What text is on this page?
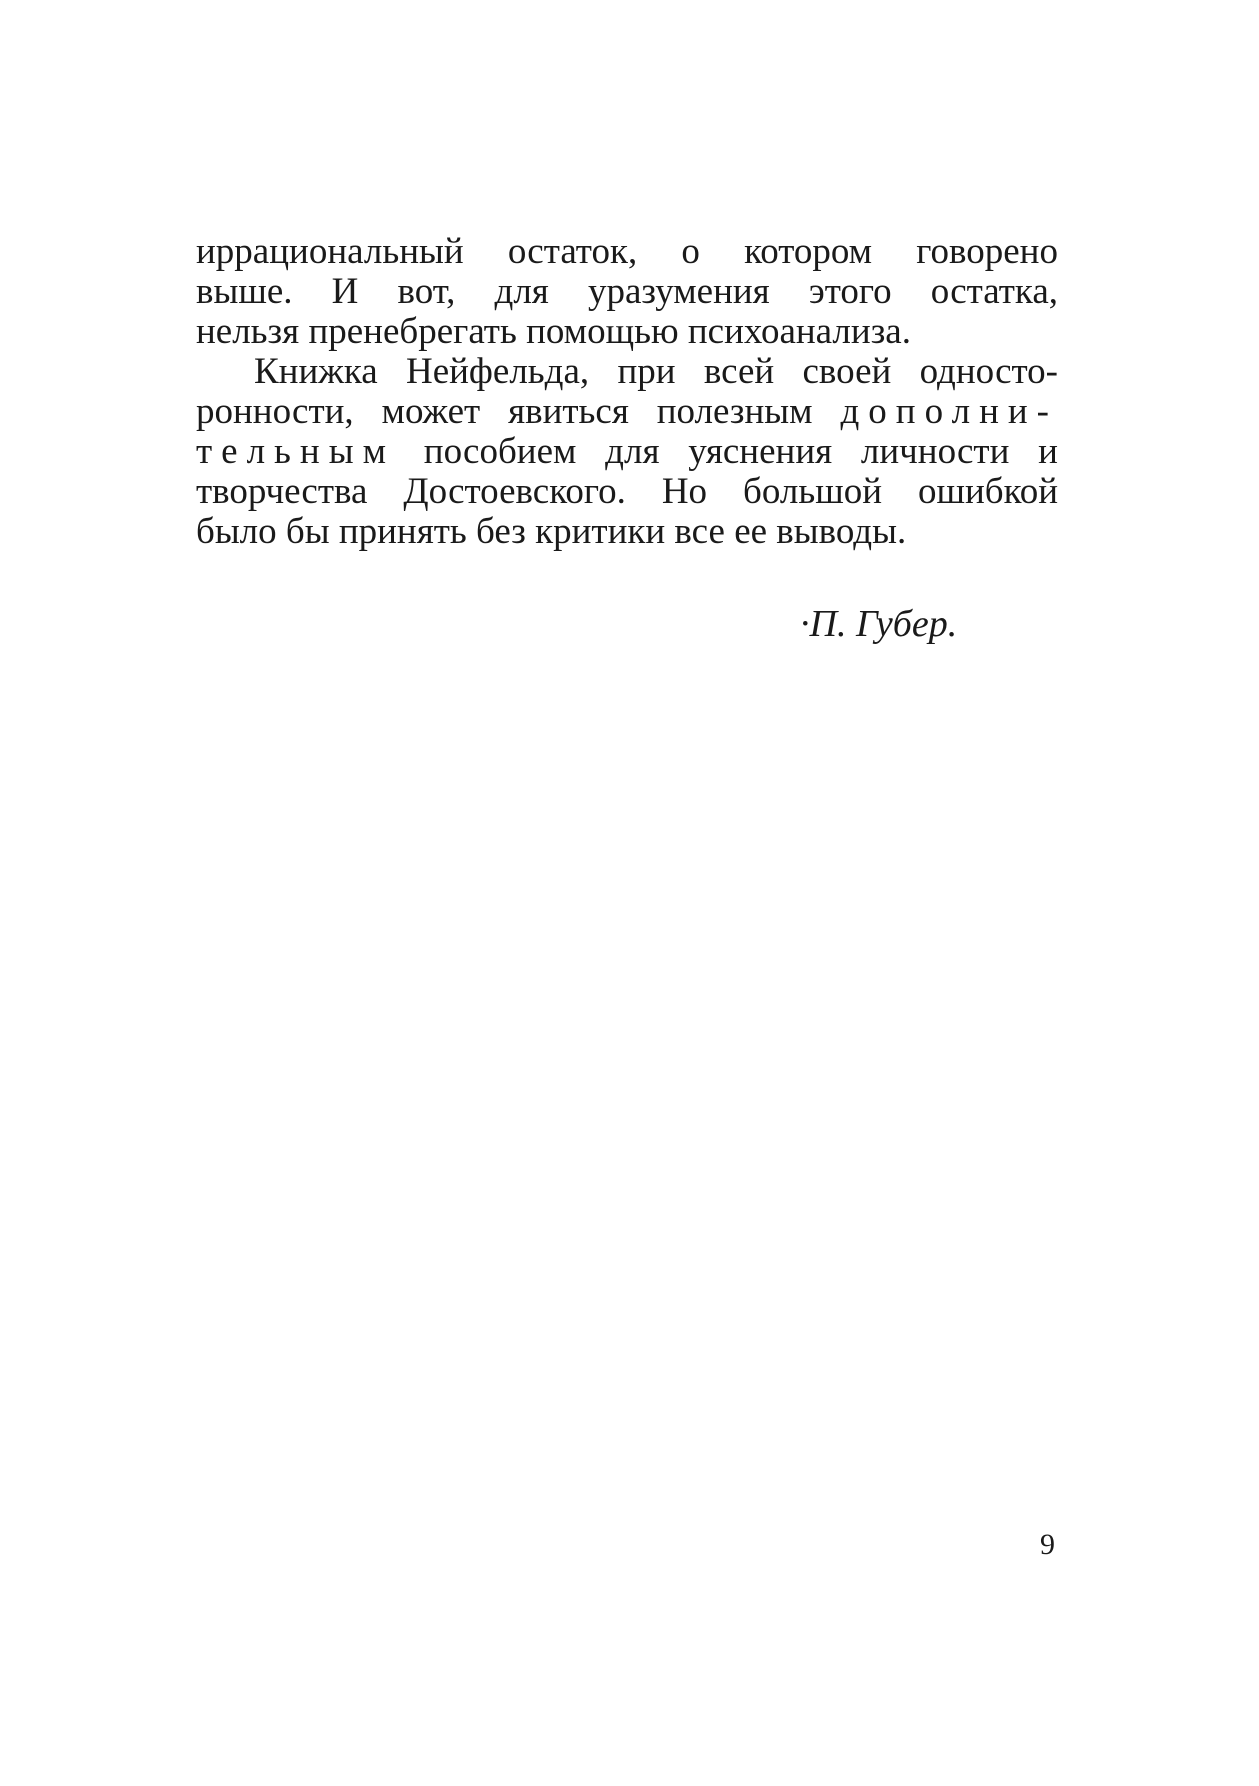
иррациональный остаток, о котором говорено
выше. И вот, для уразумения этого остатка,
нельзя пренебрегать помощью психоанализа.
Книжка Нейфельда, при всей своей односто-
ронности, может явиться полезным дополни-
тельным пособием для уяснения личности и
творчества Достоевского. Но большой ошибкой
было бы принять без критики все ее выводы.
·П. Губер.
9
